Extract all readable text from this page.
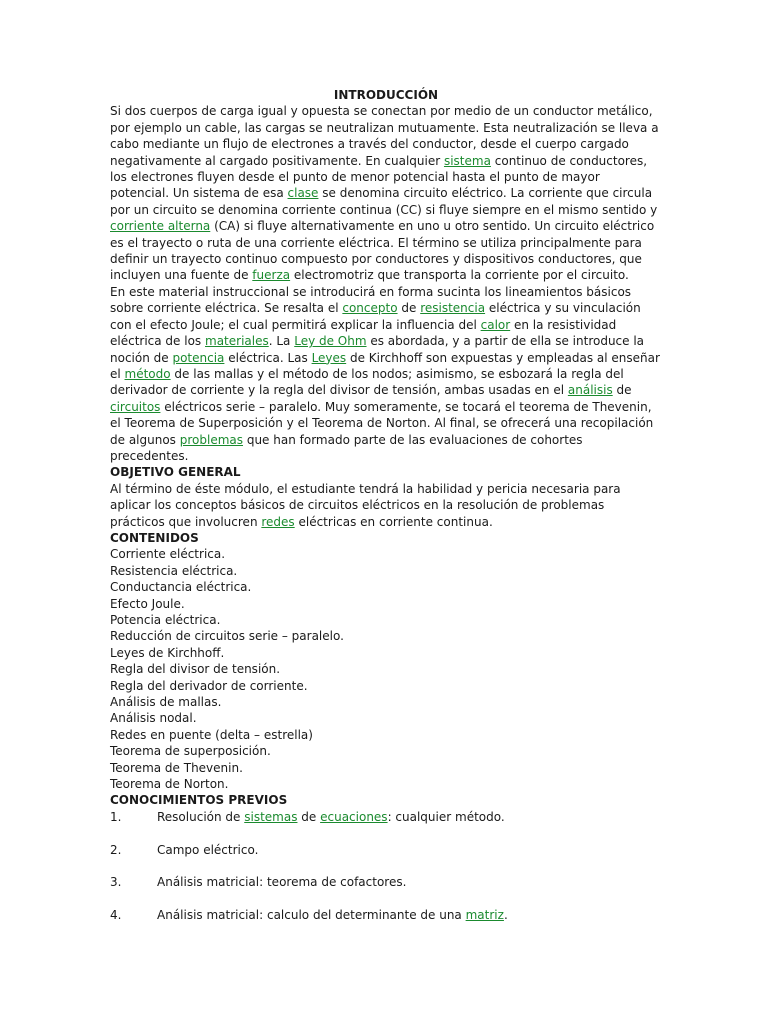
INTRODUCCIÓN

Si dos cuerpos de carga igual y opuesta se conectan por medio de un conductor metálico, por ejemplo un cable, las cargas se neutralizan mutuamente. Esta neutralización se lleva a cabo mediante un flujo de electrones a través del conductor, desde el cuerpo cargado negativamente al cargado positivamente. En cualquier sistema continuo de conductores, los electrones fluyen desde el punto de menor potencial hasta el punto de mayor potencial. Un sistema de esa clase se denomina circuito eléctrico. La corriente que circula por un circuito se denomina corriente continua (CC) si fluye siempre en el mismo sentido y corriente alterna (CA) si fluye alternativamente en uno u otro sentido. Un circuito eléctrico es el trayecto o ruta de una corriente eléctrica. El término se utiliza principalmente para definir un trayecto continuo compuesto por conductores y dispositivos conductores, que incluyen una fuente de fuerza electromotriz que transporta la corriente por el circuito.

En este material instruccional se introducirá en forma sucinta los lineamientos básicos sobre corriente eléctrica. Se resalta el concepto de resistencia eléctrica y su vinculación con el efecto Joule; el cual permitirá explicar la influencia del calor en la resistividad eléctrica de los materiales. La Ley de Ohm es abordada, y a partir de ella se introduce la noción de potencia eléctrica. Las Leyes de Kirchhoff son expuestas y empleadas al enseñar el método de las mallas y el método de los nodos; asimismo, se esbozará la regla del derivador de corriente y la regla del divisor de tensión, ambas usadas en el análisis de circuitos eléctricos serie – paralelo. Muy someramente, se tocará el teorema de Thevenin, el Teorema de Superposición y el Teorema de Norton. Al final, se ofrecerá una recopilación de algunos problemas que han formado parte de las evaluaciones de cohortes precedentes.

OBJETIVO GENERAL

Al término de éste módulo, el estudiante tendrá la habilidad y pericia necesaria para aplicar los conceptos básicos de circuitos eléctricos en la resolución de problemas prácticos que involucren redes eléctricas en corriente continua.

CONTENIDOS

Corriente eléctrica.
Resistencia eléctrica.
Conductancia eléctrica.
Efecto Joule.
Potencia eléctrica.
Reducción de circuitos serie – paralelo.
Leyes de Kirchhoff.
Regla del divisor de tensión.
Regla del derivador de corriente.
Análisis de mallas.
Análisis nodal.
Redes en puente (delta – estrella)
Teorema de superposición.
Teorema de Thevenin.
Teorema de Norton.

CONOCIMIENTOS PREVIOS

1.	Resolución de sistemas de ecuaciones: cualquier método.
2.	Campo eléctrico.
3.	Análisis matricial: teorema de cofactores.
4.	Análisis matricial: calculo del determinante de una matriz.
